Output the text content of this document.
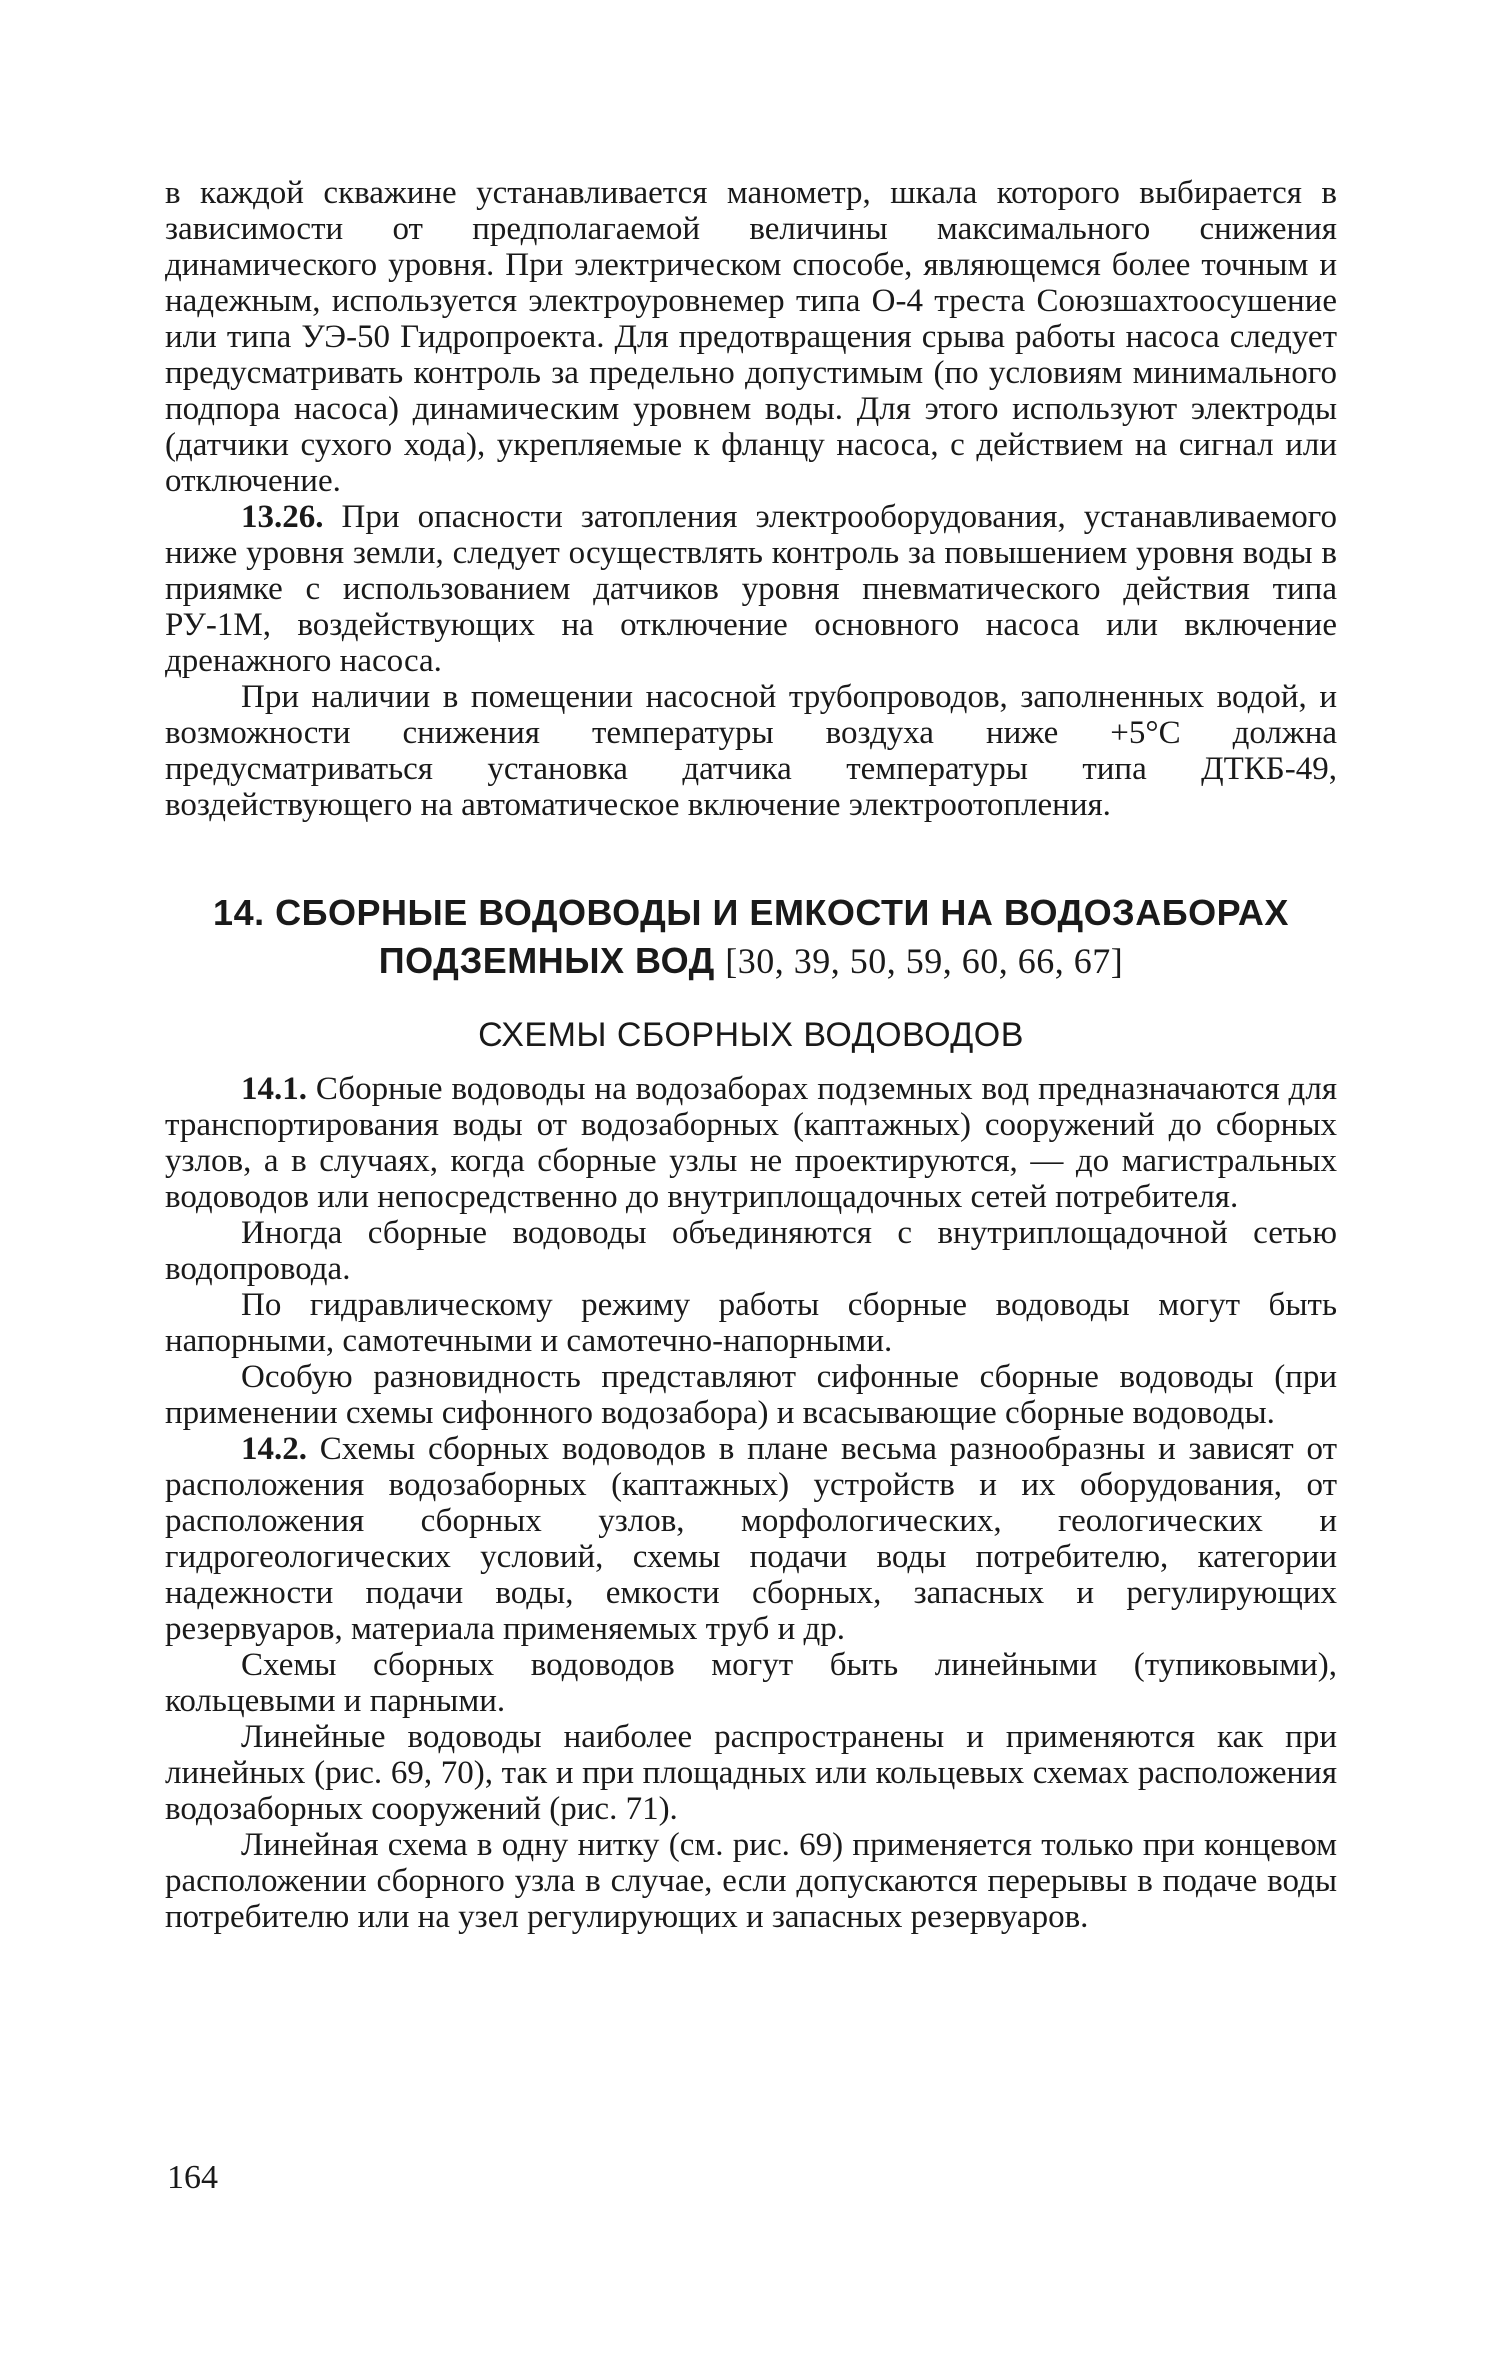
в каждой скважине устанавливается манометр, шкала которого выбирается в зависимости от предполагаемой величины максимального снижения динамического уровня. При электрическом способе, являющемся более точным и надежным, используется электроуровнемер типа О-4 треста Союзшахтоосушение или типа УЭ-50 Гидропроекта. Для предотвращения срыва работы насоса следует предусматривать контроль за предельно допустимым (по условиям минимального подпора насоса) динамическим уровнем воды. Для этого используют электроды (датчики сухого хода), укрепляемые к фланцу насоса, с действием на сигнал или отключение.

13.26. При опасности затопления электрооборудования, устанавливаемого ниже уровня земли, следует осуществлять контроль за повышением уровня воды в приямке с использованием датчиков уровня пневматического действия типа РУ-1М, воздействующих на отключение основного насоса или включение дренажного насоса.

При наличии в помещении насосной трубопроводов, заполненных водой, и возможности снижения температуры воздуха ниже +5°С должна предусматриваться установка датчика температуры типа ДТКБ-49, воздействующего на автоматическое включение электроотопления.

14. СБОРНЫЕ ВОДОВОДЫ И ЕМКОСТИ НА ВОДОЗАБОРАХ

ПОДЗЕМНЫХ ВОД [30, 39, 50, 59, 60, 66, 67]

СХЕМЫ СБОРНЫХ ВОДОВОДОВ

14.1. Сборные водоводы на водозаборах подземных вод предназначаются для транспортирования воды от водозаборных (каптажных) сооружений до сборных узлов, а в случаях, когда сборные узлы не проектируются, — до магистральных водоводов или непосредственно до внутриплощадочных сетей потребителя.

Иногда сборные водоводы объединяются с внутриплощадочной сетью водопровода.

По гидравлическому режиму работы сборные водоводы могут быть напорными, самотечными и самотечно-напорными.

Особую разновидность представляют сифонные сборные водоводы (при применении схемы сифонного водозабора) и всасывающие сборные водоводы.

14.2. Схемы сборных водоводов в плане весьма разнообразны и зависят от расположения водозаборных (каптажных) устройств и их оборудования, от расположения сборных узлов, морфологических, геологических и гидрогеологических условий, схемы подачи воды потребителю, категории надежности подачи воды, емкости сборных, запасных и регулирующих резервуаров, материала применяемых труб и др.

Схемы сборных водоводов могут быть линейными (тупиковыми), кольцевыми и парными.

Линейные водоводы наиболее распространены и применяются как при линейных (рис. 69, 70), так и при площадных или кольцевых схемах расположения водозаборных сооружений (рис. 71).

Линейная схема в одну нитку (см. рис. 69) применяется только при концевом расположении сборного узла в случае, если допускаются перерывы в подаче воды потребителю или на узел регулирующих и запасных резервуаров.

164
